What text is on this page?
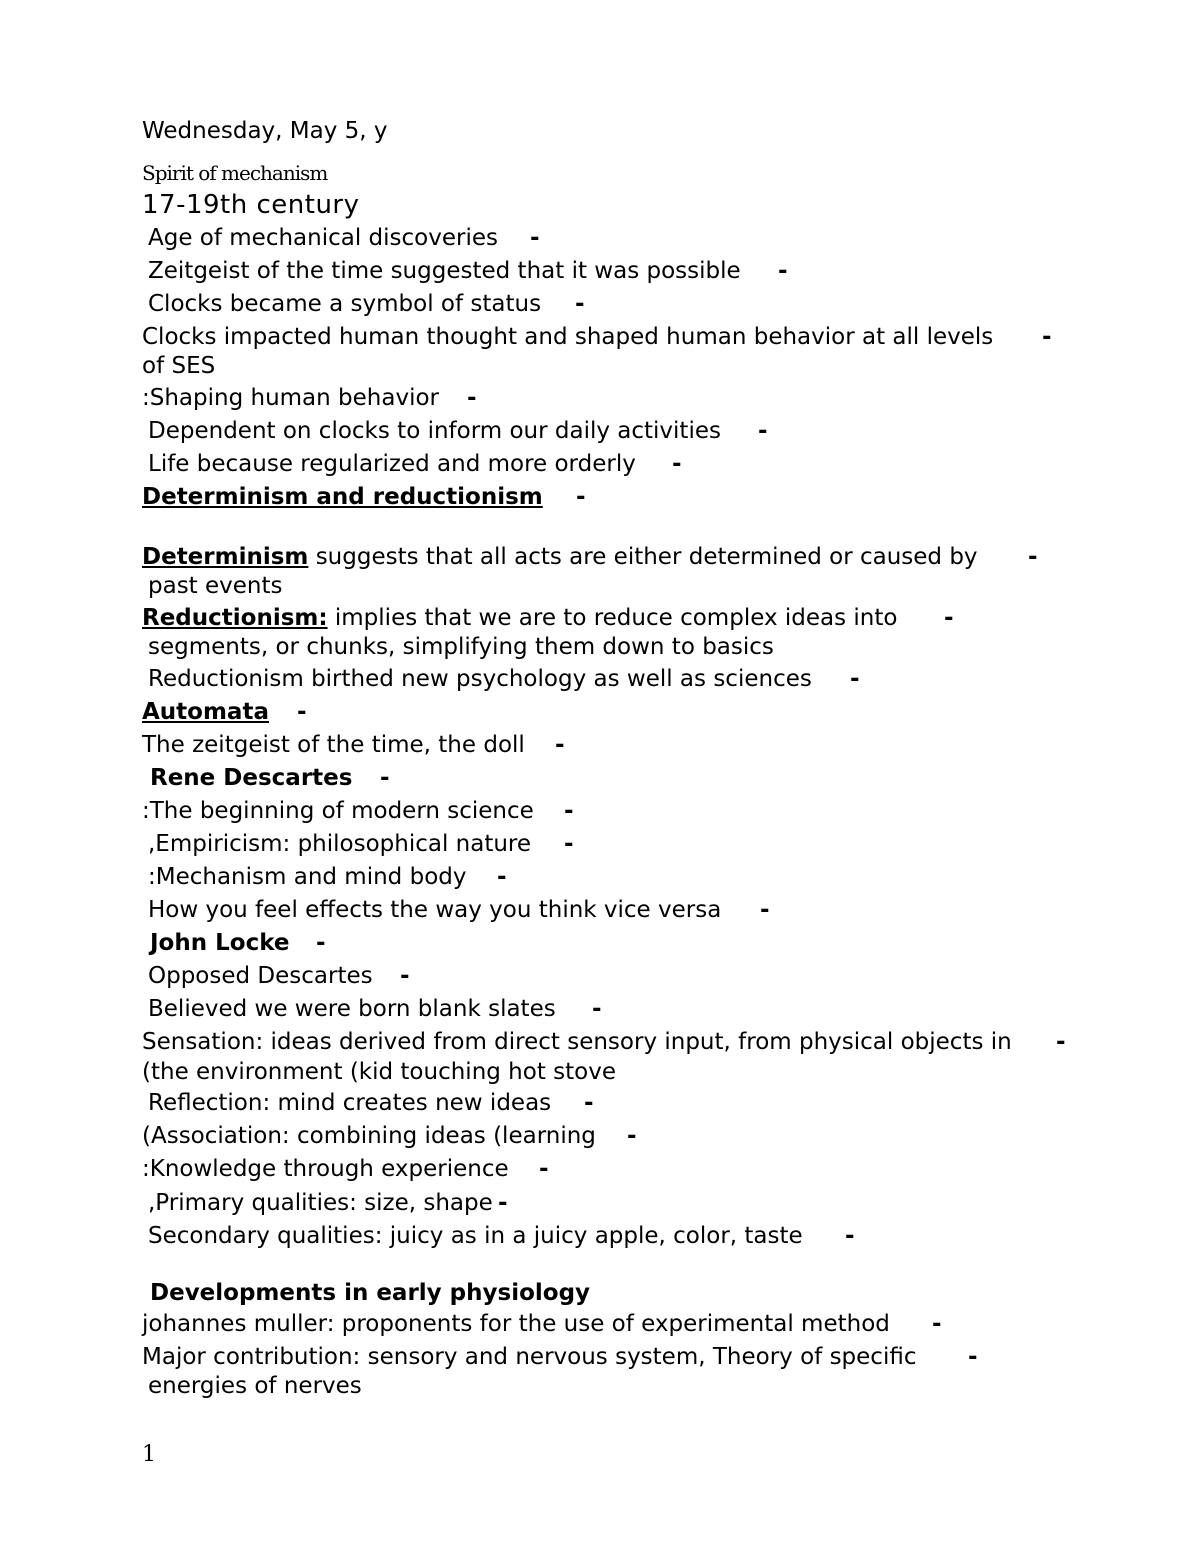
Wednesday, May 5, y
Spirit of mechanism
17-19th century
Age of mechanical discoveries -
Zeitgeist of the time suggested that it was possible -
Clocks became a symbol of status -
Clocks impacted human thought and shaped human behavior at all levels -
of SES
:Shaping human behavior -
Dependent on clocks to inform our daily activities -
Life because regularized and more orderly -
Determinism and reductionism -
Determinism suggests that all acts are either determined or caused by -
past events
Reductionism: implies that we are to reduce complex ideas into -
segments, or chunks, simplifying them down to basics
Reductionism birthed new psychology as well as sciences -
Automata -
The zeitgeist of the time, the doll -
Rene Descartes -
:The beginning of modern science -
,Empiricism: philosophical nature -
:Mechanism and mind body -
How you feel effects the way you think vice versa -
John Locke -
Opposed Descartes -
Believed we were born blank slates -
Sensation: ideas derived from direct sensory input, from physical objects in -
(the environment (kid touching hot stove
Reflection: mind creates new ideas -
(Association: combining ideas (learning -
:Knowledge through experience -
,Primary qualities: size, shape -
Secondary qualities: juicy as in a juicy apple, color, taste -
Developments in early physiology
johannes muller: proponents for the use of experimental method -
Major contribution: sensory and nervous system, Theory of specific -
energies of nerves
1
